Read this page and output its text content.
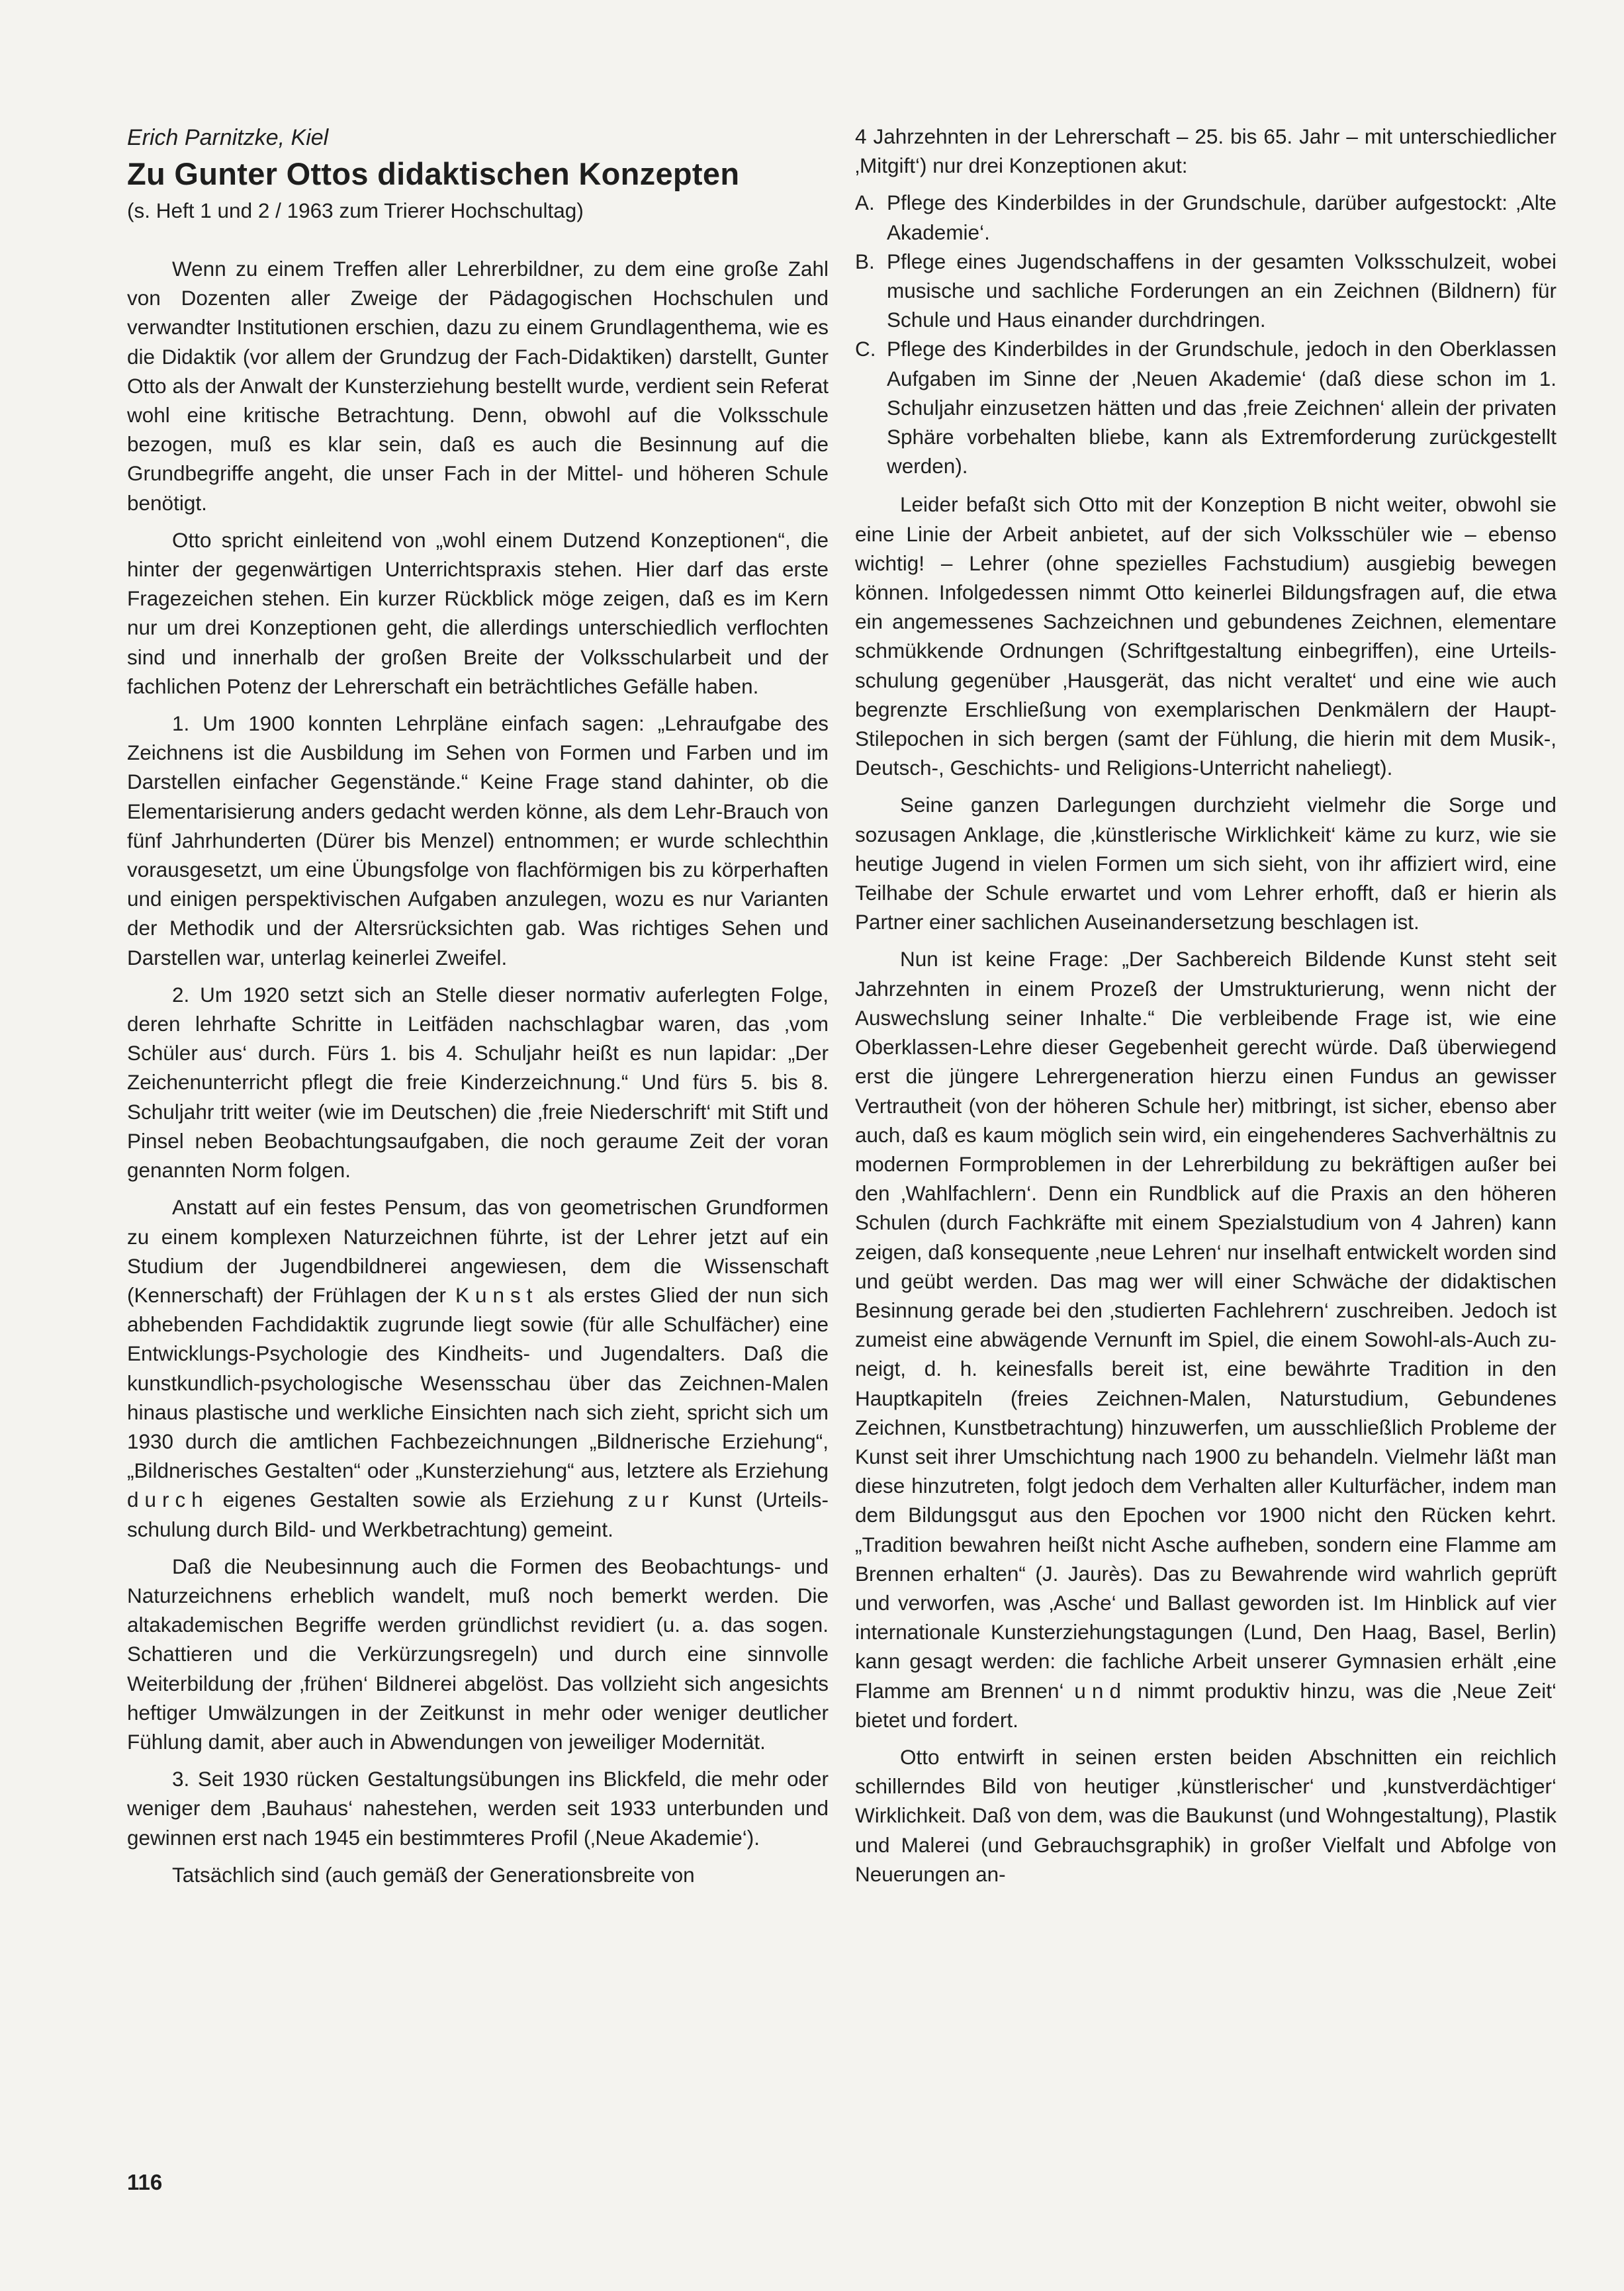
Erich Parnitzke, Kiel
Zu Gunter Ottos didaktischen Konzepten
(s. Heft 1 und 2 / 1963 zum Trierer Hochschultag)

Wenn zu einem Treffen aller Lehrerbildner, zu dem eine große Zahl von Dozenten aller Zweige der Pädagogischen Hochschulen und verwandter Institutionen erschien, dazu zu einem Grundlagenthema, wie es die Didaktik (vor allem der Grundzug der Fach-Didaktiken) darstellt, Gunter Otto als der Anwalt der Kunsterziehung bestellt wurde, verdient sein Referat wohl eine kritische Betrachtung. Denn, obwohl auf die Volksschule bezogen, muß es klar sein, daß es auch die Besinnung auf die Grundbegriffe angeht, die unser Fach in der Mittel- und höheren Schule benötigt.

Otto spricht einleitend von „wohl einem Dutzend Konzeptionen“, die hinter der gegenwärtigen Unterrichtspraxis stehen. Hier darf das erste Fragezeichen stehen. Ein kurzer Rückblick möge zeigen, daß es im Kern nur um drei Konzeptionen geht, die allerdings unterschiedlich verflochten sind und innerhalb der großen Breite der Volksschularbeit und der fachlichen Potenz der Lehrerschaft ein beträchtliches Gefälle haben.

1. Um 1900 konnten Lehrpläne einfach sagen: „Lehraufgabe des Zeichnens ist die Ausbildung im Sehen von Formen und Farben und im Darstellen einfacher Gegenstände.“ Keine Frage stand dahinter, ob die Elementarisierung anders gedacht werden könne, als dem Lehr-Brauch von fünf Jahrhunderten (Dürer bis Menzel) entnommen; er wurde schlechthin vorausgesetzt, um eine Übungsfolge von flachförmigen bis zu körperhaften und einigen perspektivischen Aufgaben anzulegen, wozu es nur Varianten der Methodik und der Altersrücksichten gab. Was richtiges Sehen und Darstellen war, unterlag keinerlei Zweifel.

2. Um 1920 setzt sich an Stelle dieser normativ auferlegten Folge, deren lehrhafte Schritte in Leitfäden nachschlagbar waren, das ‚vom Schüler aus‘ durch. Fürs 1. bis 4. Schuljahr heißt es nun lapidar: „Der Zeichenunterricht pflegt die freie Kinderzeichnung.“ Und fürs 5. bis 8. Schuljahr tritt weiter (wie im Deutschen) die ‚freie Niederschrift‘ mit Stift und Pinsel neben Beobachtungsaufgaben, die noch geraume Zeit der voran genannten Norm folgen.

Anstatt auf ein festes Pensum, das von geometrischen Grundformen zu einem komplexen Naturzeichnen führte, ist der Lehrer jetzt auf ein Studium der Jugendbildnerei angewiesen, dem die Wissenschaft (Kennerschaft) der Frühlagen der Kunst als erstes Glied der nun sich abhebenden Fachdidaktik zugrunde liegt sowie (für alle Schulfächer) eine Entwicklungs-Psychologie des Kindheits- und Jugendalters. Daß die kunstkundlich-psychologische Wesensschau über das Zeichnen-Malen hinaus plastische und werkliche Einsichten nach sich zieht, spricht sich um 1930 durch die amtlichen Fachbezeichnungen „Bildnerische Erziehung“, „Bildnerisches Gestalten“ oder „Kunsterziehung“ aus, letztere als Erziehung durch eigenes Gestalten sowie als Erziehung zur Kunst (Urteilsschulung durch Bild- und Werkbetrachtung) gemeint.

Daß die Neubesinnung auch die Formen des Beobachtungs- und Naturzeichnens erheblich wandelt, muß noch bemerkt werden. Die altakademischen Begriffe werden gründlichst revidiert (u. a. das sogen. Schattieren und die Verkürzungsregeln) und durch eine sinnvolle Weiterbildung der ‚frühen‘ Bildnerei abgelöst. Das vollzieht sich angesichts heftiger Umwälzungen in der Zeitkunst in mehr oder weniger deutlicher Fühlung damit, aber auch in Abwendungen von jeweiliger Modernität.

3. Seit 1930 rücken Gestaltungsübungen ins Blickfeld, die mehr oder weniger dem ‚Bauhaus‘ nahestehen, werden seit 1933 unterbunden und gewinnen erst nach 1945 ein bestimmteres Profil (‚Neue Akademie‘).

Tatsächlich sind (auch gemäß der Generationsbreite von

4 Jahrzehnten in der Lehrerschaft – 25. bis 65. Jahr – mit unterschiedlicher ‚Mitgift‘) nur drei Konzeptionen akut:

A. Pflege des Kinderbildes in der Grundschule, darüber aufgestockt: ‚Alte Akademie‘.
B. Pflege eines Jugendschaffens in der gesamten Volksschulzeit, wobei musische und sachliche Forderungen an ein Zeichnen (Bildnern) für Schule und Haus einander durchdringen.
C. Pflege des Kinderbildes in der Grundschule, jedoch in den Oberklassen Aufgaben im Sinne der ‚Neuen Akademie‘ (daß diese schon im 1. Schuljahr einzusetzen hätten und das ‚freie Zeichnen‘ allein der privaten Sphäre vorbehalten bliebe, kann als Extremforderung zurückgestellt werden).

Leider befaßt sich Otto mit der Konzeption B nicht weiter, obwohl sie eine Linie der Arbeit anbietet, auf der sich Volksschüler wie – ebenso wichtig! – Lehrer (ohne spezielles Fachstudium) ausgiebig bewegen können. Infolgedessen nimmt Otto keinerlei Bildungsfragen auf, die etwa ein angemessenes Sachzeichnen und gebundenes Zeichnen, elementare schmükkende Ordnungen (Schriftgestaltung einbegriffen), eine Urteilsschulung gegenüber ‚Hausgerät, das nicht veraltet‘ und eine wie auch begrenzte Erschließung von exemplarischen Denkmälern der Haupt-Stilepochen in sich bergen (samt der Fühlung, die hierin mit dem Musik-, Deutsch-, Geschichts- und Religions-Unterricht naheliegt).

Seine ganzen Darlegungen durchzieht vielmehr die Sorge und sozusagen Anklage, die ‚künstlerische Wirklichkeit‘ käme zu kurz, wie sie heutige Jugend in vielen Formen um sich sieht, von ihr affiziert wird, eine Teilhabe der Schule erwartet und vom Lehrer erhofft, daß er hierin als Partner einer sachlichen Auseinandersetzung beschlagen ist.

Nun ist keine Frage: „Der Sachbereich Bildende Kunst steht seit Jahrzehnten in einem Prozeß der Umstrukturierung, wenn nicht der Auswechslung seiner Inhalte.“ Die verbleibende Frage ist, wie eine Oberklassen-Lehre dieser Gegebenheit gerecht würde. Daß überwiegend erst die jüngere Lehrergeneration hierzu einen Fundus an gewisser Vertrautheit (von der höheren Schule her) mitbringt, ist sicher, ebenso aber auch, daß es kaum möglich sein wird, ein eingehenderes Sachverhältnis zu modernen Formproblemen in der Lehrerbildung zu bekräftigen außer bei den ‚Wahlfachlern‘. Denn ein Rundblick auf die Praxis an den höheren Schulen (durch Fachkräfte mit einem Spezialstudium von 4 Jahren) kann zeigen, daß konsequente ‚neue Lehren‘ nur inselhaft entwickelt worden sind und geübt werden. Das mag wer will einer Schwäche der didaktischen Besinnung gerade bei den ‚studierten Fachlehrern‘ zuschreiben. Jedoch ist zumeist eine abwägende Vernunft im Spiel, die einem Sowohl-als-Auch zuneigt, d. h. keinesfalls bereit ist, eine bewährte Tradition in den Hauptkapiteln (freies Zeichnen-Malen, Naturstudium, Gebundenes Zeichnen, Kunstbetrachtung) hinzuwerfen, um ausschließlich Probleme der Kunst seit ihrer Umschichtung nach 1900 zu behandeln. Vielmehr läßt man diese hinzutreten, folgt jedoch dem Verhalten aller Kulturfächer, indem man dem Bildungsgut aus den Epochen vor 1900 nicht den Rücken kehrt. „Tradition bewahren heißt nicht Asche aufheben, sondern eine Flamme am Brennen erhalten“ (J. Jaurès). Das zu Bewahrende wird wahrlich geprüft und verworfen, was ‚Asche‘ und Ballast geworden ist. Im Hinblick auf vier internationale Kunsterziehungstagungen (Lund, Den Haag, Basel, Berlin) kann gesagt werden: die fachliche Arbeit unserer Gymnasien erhält ‚eine Flamme am Brennen‘ und nimmt produktiv hinzu, was die ‚Neue Zeit‘ bietet und fordert.

Otto entwirft in seinen ersten beiden Abschnitten ein reichlich schillerndes Bild von heutiger ‚künstlerischer‘ und ‚kunstverdächtiger‘ Wirklichkeit. Daß von dem, was die Baukunst (und Wohngestaltung), Plastik und Malerei (und Gebrauchsgraphik) in großer Vielfalt und Abfolge von Neuerungen an-

116
